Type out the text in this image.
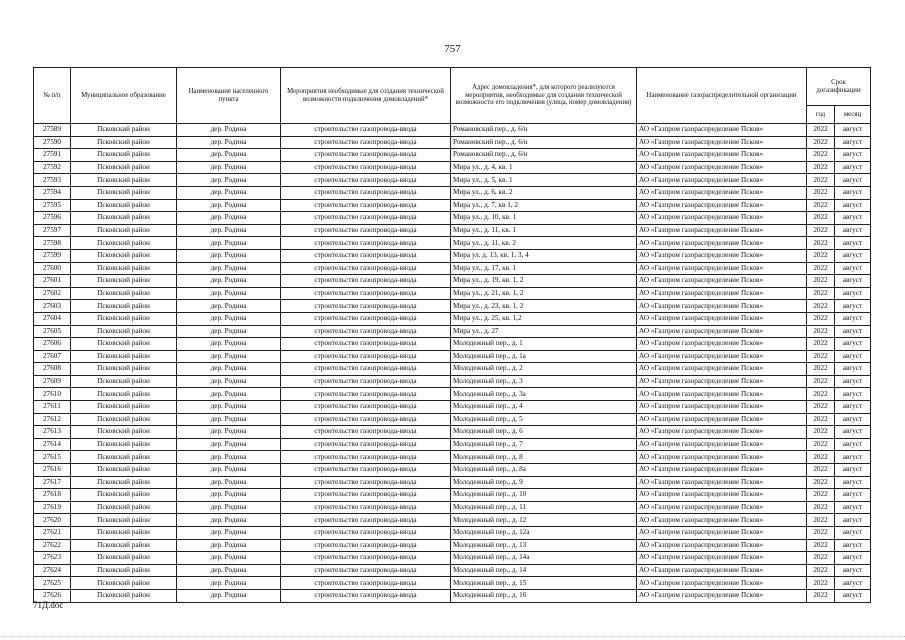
757
№ п/п	Муниципальное образование	Наименование населенного пункта	Мероприятия необходимые для создания технической возможности подключения домовладений*	Адрес домовладения*, для которого реализуются мероприятия, необходимые для создания технической возможности его подключения (улица, номер домовладения)	Наименование газораспределительной организации	Срок догазификации	
						год	месяц
27589	Псковский район	дер. Родина	строительство газопровода-ввода	Романовский пер., д. 6/н	АО «Газпром газораспределение Псков»	2022	август
27590	Псковский район	дер. Родина	строительство газопровода-ввода	Романовский пер., д. 6/н	АО «Газпром газораспределение Псков»	2022	август
27591	Псковский район	дер. Родина	строительство газопровода-ввода	Романовский пер., д. 6/н	АО «Газпром газораспределение Псков»	2022	август
27592	Псковский район	дер. Родина	строительство газопровода-ввода	Мира ул., д. 4, кв. 1	АО «Газпром газораспределение Псков»	2022	август
27593	Псковский район	дер. Родина	строительство газопровода-ввода	Мира ул., д. 5, кв. 1	АО «Газпром газораспределение Псков»	2022	август
27594	Псковский район	дер. Родина	строительство газопровода-ввода	Мира ул., д. 6, кв. 2	АО «Газпром газораспределение Псков»	2022	август
27595	Псковский район	дер. Родина	строительство газопровода-ввода	Мира ул., д. 7, кв 1, 2	АО «Газпром газораспределение Псков»	2022	август
27596	Псковский район	дер. Родина	строительство газопровода-ввода	Мира ул., д. 10, кв. 1	АО «Газпром газораспределение Псков»	2022	август
27597	Псковский район	дер. Родина	строительство газопровода-ввода	Мира ул., д. 11, кв. 1	АО «Газпром газораспределение Псков»	2022	август
27598	Псковский район	дер. Родина	строительство газопровода-ввода	Мира ул., д. 11, кв. 2	АО «Газпром газораспределение Псков»	2022	август
27599	Псковский район	дер. Родина	строительство газопровода-ввода	Мира ул. д. 13, кв. 1, 3, 4	АО «Газпром газораспределение Псков»	2022	август
27600	Псковский район	дер. Родина	строительство газопровода-ввода	Мира ул., д. 17, кв. 1	АО «Газпром газораспределение Псков»	2022	август
27601	Псковский район	дер. Родина	строительство газопровода-ввода	Мира ул., д. 19, кв. 1, 2	АО «Газпром газораспределение Псков»	2022	август
27602	Псковский район	дер. Родина	строительство газопровода-ввода	Мира ул., д. 21, кв. 1, 2	АО «Газпром газораспределение Псков»	2022	август
27603	Псковский район	дер. Родина	строительство газопровода-ввода	Мира ул., д. 23, кв. 1, 2	АО «Газпром газораспределение Псков»	2022	август
27604	Псковский район	дер. Родина	строительство газопровода-ввода	Мира ул., д. 25, кв. 1,2	АО «Газпром газораспределение Псков»	2022	август
27605	Псковский район	дер. Родина	строительство газопровода-ввода	Мира ул., д. 27	АО «Газпром газораспределение Псков»	2022	август
27606	Псковский район	дер. Родина	строительство газопровода-ввода	Молодежный пер., д. 1	АО «Газпром газораспределение Псков»	2022	август
27607	Псковский район	дер. Родина	строительство газопровода-ввода	Молодежный пер., д. 1а	АО «Газпром газораспределение Псков»	2022	август
27608	Псковский район	дер. Родина	строительство газопровода-ввода	Молодежный пер., д. 2	АО «Газпром газораспределение Псков»	2022	август
27609	Псковский район	дер. Родина	строительство газопровода-ввода	Молодежный пер., д. 3	АО «Газпром газораспределение Псков»	2022	август
27610	Псковский район	дер. Родина	строительство газопровода-ввода	Молодежный пер., д. 3а	АО «Газпром газораспределение Псков»	2022	август
27611	Псковский район	дер. Родина	строительство газопровода-ввода	Молодежный пер., д. 4	АО «Газпром газораспределение Псков»	2022	август
27612	Псковский район	дер. Родина	строительство газопровода-ввода	Молодежный пер., д. 5	АО «Газпром газораспределение Псков»	2022	август
27613	Псковский район	дер. Родина	строительство газопровода-ввода	Молодежный пер., д. 6	АО «Газпром газораспределение Псков»	2022	август
27614	Псковский район	дер. Родина	строительство газопровода-ввода	Молодежный пер., д. 7	АО «Газпром газораспределение Псков»	2022	август
27615	Псковский район	дер. Родина	строительство газопровода-ввода	Молодежный пер., д. 8	АО «Газпром газораспределение Псков»	2022	август
27616	Псковский район	дер. Родина	строительство газопровода-ввода	Молодежный пер., д. 8а	АО «Газпром газораспределение Псков»	2022	август
27617	Псковский район	дер. Родина	строительство газопровода-ввода	Молодежный пер., д. 9	АО «Газпром газораспределение Псков»	2022	август
27618	Псковский район	дер. Родина	строительство газопровода-ввода	Молодежный пер., д. 10	АО «Газпром газораспределение Псков»	2022	август
27619	Псковский район	дер. Родина	строительство газопровода-ввода	Молодежный пер., д. 11	АО «Газпром газораспределение Псков»	2022	август
27620	Псковский район	дер. Родина	строительство газопровода-ввода	Молодежный пер., д. 12	АО «Газпром газораспределение Псков»	2022	август
27621	Псковский район	дер. Родина	строительство газопровода-ввода	Молодежный пер., д. 12а	АО «Газпром газораспределение Псков»	2022	август
27622	Псковский район	дер. Родина	строительство газопровода-ввода	Молодежный пер., д. 13	АО «Газпром газораспределение Псков»	2022	август
27623	Псковский район	дер. Родина	строительство газопровода-ввода	Молодежный пер., д. 14а	АО «Газпром газораспределение Псков»	2022	август
27624	Псковский район	дер. Родина	строительство газопровода-ввода	Молодежный пер., д. 14	АО «Газпром газораспределение Псков»	2022	август
27625	Псковский район	дер. Родина	строительство газопровода-ввода	Молодежный пер., д. 15	АО «Газпром газораспределение Псков»	2022	август
27626	Псковский район	дер. Родина	строительство газопровода-ввода	Молодежный пер., д. 16	АО «Газпром газораспределение Псков»	2022	август
71Д.doc
